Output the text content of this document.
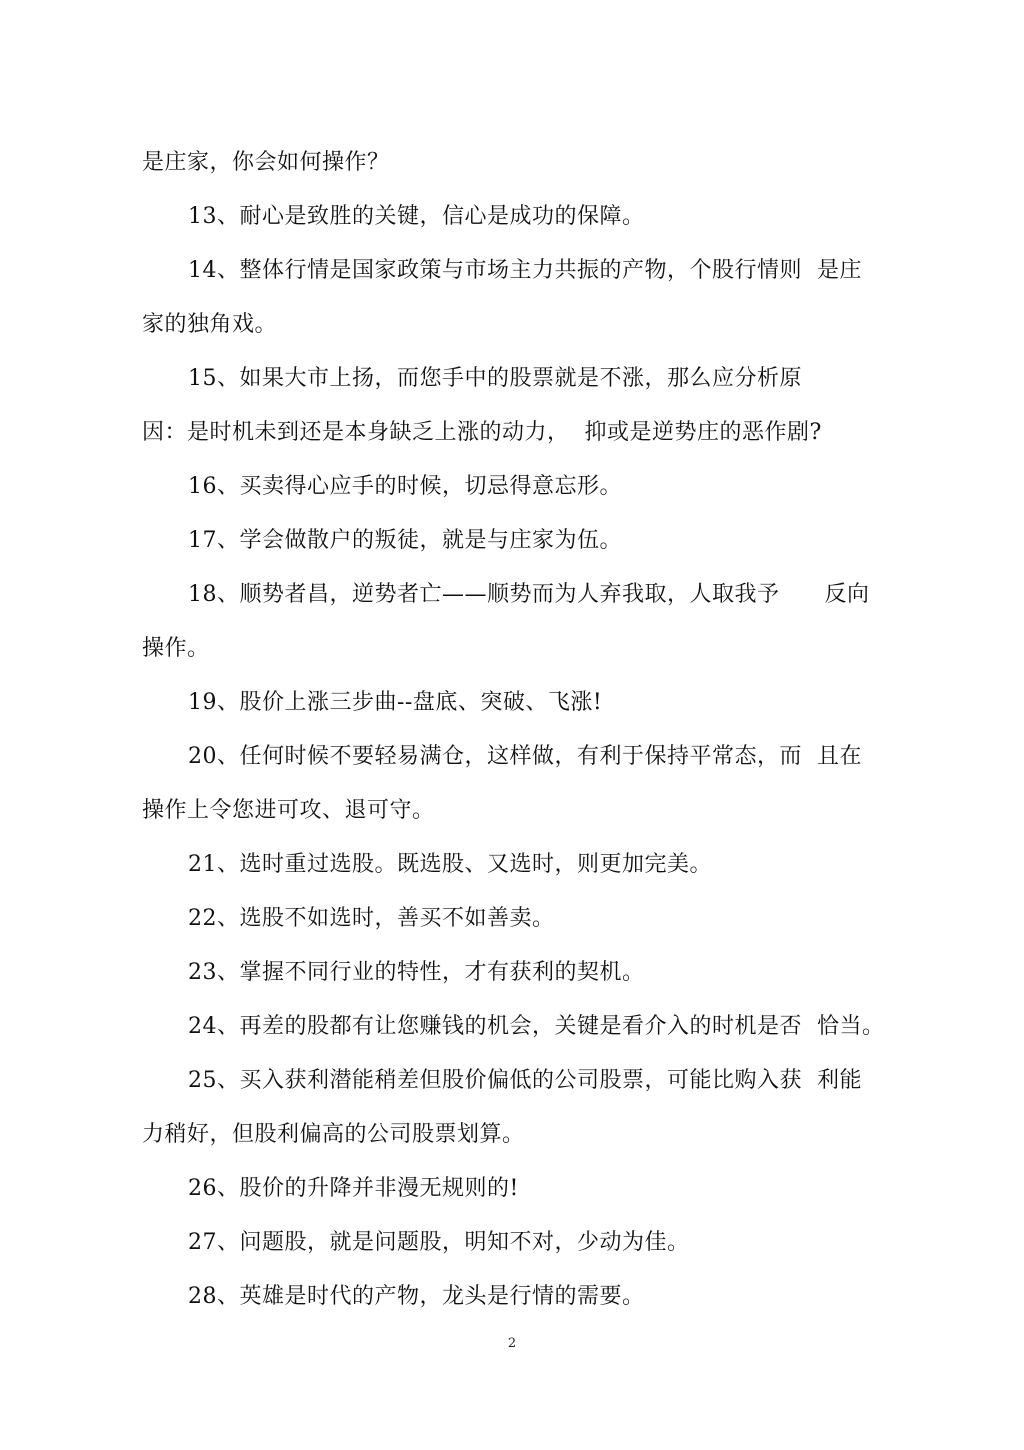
是庄家，你会如何操作？
13、耐心是致胜的关键，信心是成功的保障。
14、整体行情是国家政策与市场主力共振的产物，个股行情则  是庄
家的独角戏。
15、如果大市上扬，而您手中的股票就是不涨，那么应分析原
因：是时机未到还是本身缺乏上涨的动力，  抑或是逆势庄的恶作剧?
16、买卖得心应手的时候，切忌得意忘形。
17、学会做散户的叛徒，就是与庄家为伍。
18、顺势者昌，逆势者亡——顺势而为人弃我取，人取我予      反向
操作。
19、股价上涨三步曲--盘底、突破、飞涨!
20、任何时候不要轻易满仓，这样做，有利于保持平常态，而  且在
操作上令您进可攻、退可守。
21、选时重过选股。既选股、又选时，则更加完美。
22、选股不如选时，善买不如善卖。
23、掌握不同行业的特性，才有获利的契机。
24、再差的股都有让您赚钱的机会，关键是看介入的时机是否  恰当。
25、买入获利潜能稍差但股价偏低的公司股票，可能比购入获  利能
力稍好，但股利偏高的公司股票划算。
26、股价的升降并非漫无规则的!
27、问题股，就是问题股，明知不对，少动为佳。
28、英雄是时代的产物，龙头是行情的需要。
2
